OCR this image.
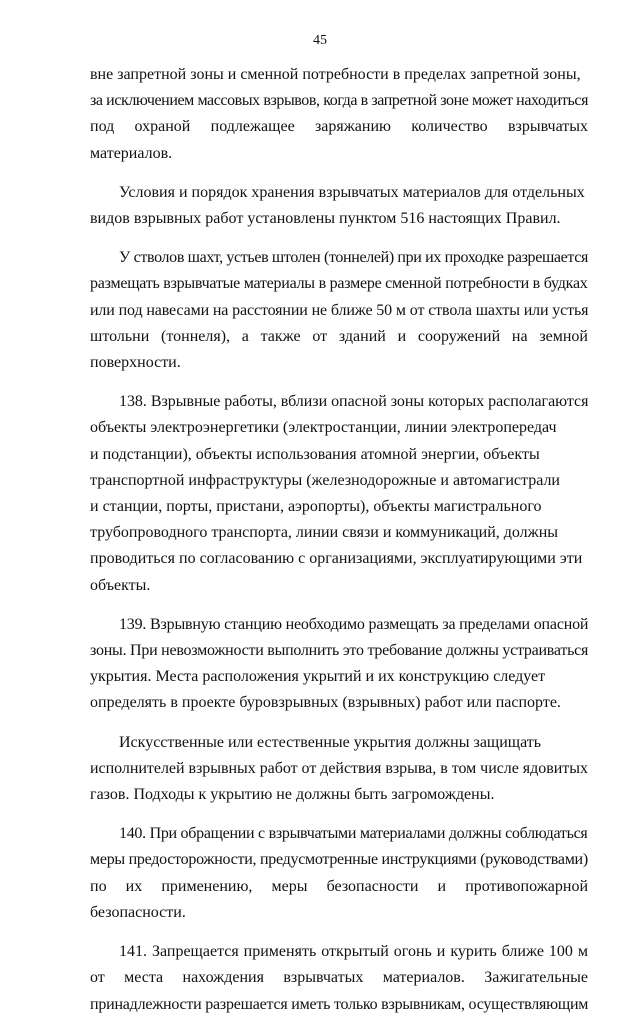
45

вне запретной зоны и сменной потребности в пределах запретной зоны,
за исключением массовых взрывов, когда в запретной зоне может находиться
под охраной подлежащее заряжанию количество взрывчатых материалов.

Условия и порядок хранения взрывчатых материалов для отдельных
видов взрывных работ установлены пунктом 516 настоящих Правил.

У стволов шахт, устьев штолен (тоннелей) при их проходке разрешается
размещать взрывчатые материалы в размере сменной потребности в будках
или под навесами на расстоянии не ближе 50 м от ствола шахты или устья
штольни (тоннеля), а также от зданий и сооружений на земной поверхности.

138. Взрывные работы, вблизи опасной зоны которых располагаются
объекты электроэнергетики (электростанции, линии электропередач
и подстанции), объекты использования атомной энергии, объекты
транспортной инфраструктуры (железнодорожные и автомагистрали
и станции, порты, пристани, аэропорты), объекты магистрального
трубопроводного транспорта, линии связи и коммуникаций, должны
проводиться по согласованию с организациями, эксплуатирующими эти
объекты.

139. Взрывную станцию необходимо размещать за пределами опасной
зоны. При невозможности выполнить это требование должны устраиваться
укрытия. Места расположения укрытий и их конструкцию следует
определять в проекте буровзрывных (взрывных) работ или паспорте.

Искусственные или естественные укрытия должны защищать
исполнителей взрывных работ от действия взрыва, в том числе ядовитых
газов. Подходы к укрытию не должны быть загромождены.

140. При обращении с взрывчатыми материалами должны соблюдаться
меры предосторожности, предусмотренные инструкциями (руководствами)
по их применению, меры безопасности и противопожарной безопасности.

141. Запрещается применять открытый огонь и курить ближе 100 м
от места нахождения взрывчатых материалов. Зажигательные
принадлежности разрешается иметь только взрывникам, осуществляющим
